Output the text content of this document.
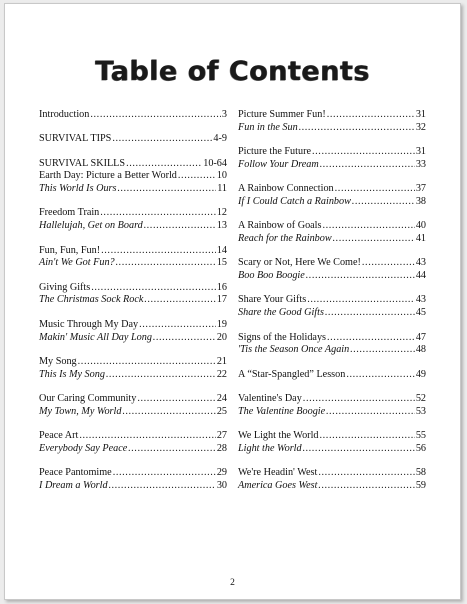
Table of Contents
Introduction .....	3
SURVIVAL TIPS .....	4-9
SURVIVAL SKILLS .....	10-64
Earth Day: Picture a Better World .....	10
This World Is Ours .....	11
Freedom Train .....	12
Hallelujah, Get on Board .....	13
Fun, Fun, Fun! .....	14
Ain't We Got Fun? .....	15
Giving Gifts .....	16
The Christmas Sock Rock .....	17
Music Through My Day .....	19
Makin' Music All Day Long .....	20
My Song .....	21
This Is My Song .....	22
Our Caring Community .....	24
My Town, My World .....	25
Peace Art .....	27
Everybody Say Peace .....	28
Peace Pantomime .....	29
I Dream a World .....	30
Picture Summer Fun! .....	31
Fun in the Sun .....	32
Picture the Future .....	31
Follow Your Dream .....	33
A Rainbow Connection .....	37
If I Could Catch a Rainbow .....	38
A Rainbow of Goals .....	40
Reach for the Rainbow .....	41
Scary or Not, Here We Come! .....	43
Boo Boo Boogie .....	44
Share Your Gifts .....	43
Share the Good Gifts .....	45
Signs of the Holidays .....	47
'Tis the Season Once Again .....	48
A “Star-Spangled” Lesson .....	49
Valentine's Day .....	52
The Valentine Boogie .....	53
We Light the World .....	55
Light the World .....	56
We're Headin' West .....	58
America Goes West .....	59
2
